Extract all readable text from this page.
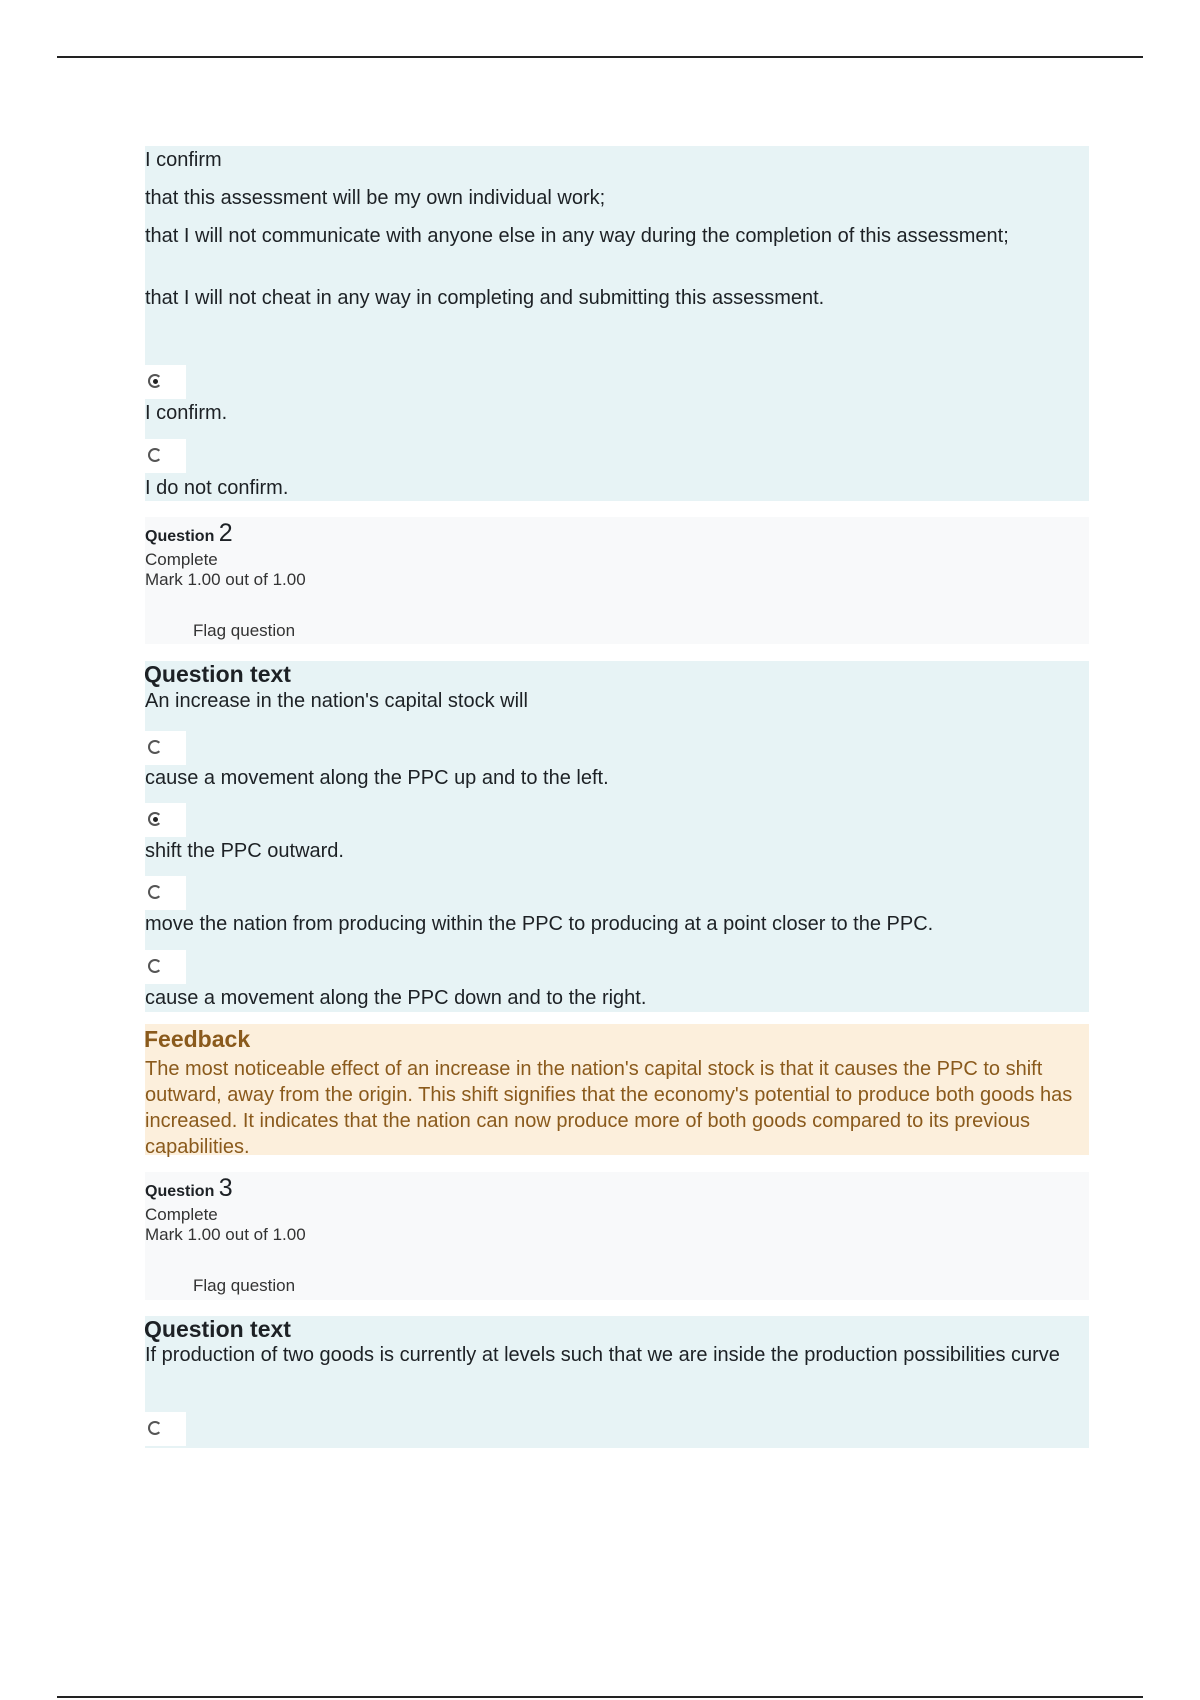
I confirm
that this assessment will be my own individual work;
that I will not communicate with anyone else in any way during the completion of this assessment;
that I will not cheat in any way in completing and submitting this assessment.
I confirm.
I do not confirm.
Question 2
Complete
Mark 1.00 out of 1.00
Flag question
Question text
An increase in the nation's capital stock will
cause a movement along the PPC up and to the left.
shift the PPC outward.
move the nation from producing within the PPC to producing at a point closer to the PPC.
cause a movement along the PPC down and to the right.
Feedback
The most noticeable effect of an increase in the nation's capital stock is that it causes the PPC to shift outward, away from the origin. This shift signifies that the economy's potential to produce both goods has increased. It indicates that the nation can now produce more of both goods compared to its previous capabilities.
Question 3
Complete
Mark 1.00 out of 1.00
Flag question
Question text
If production of two goods is currently at levels such that we are inside the production possibilities curve
